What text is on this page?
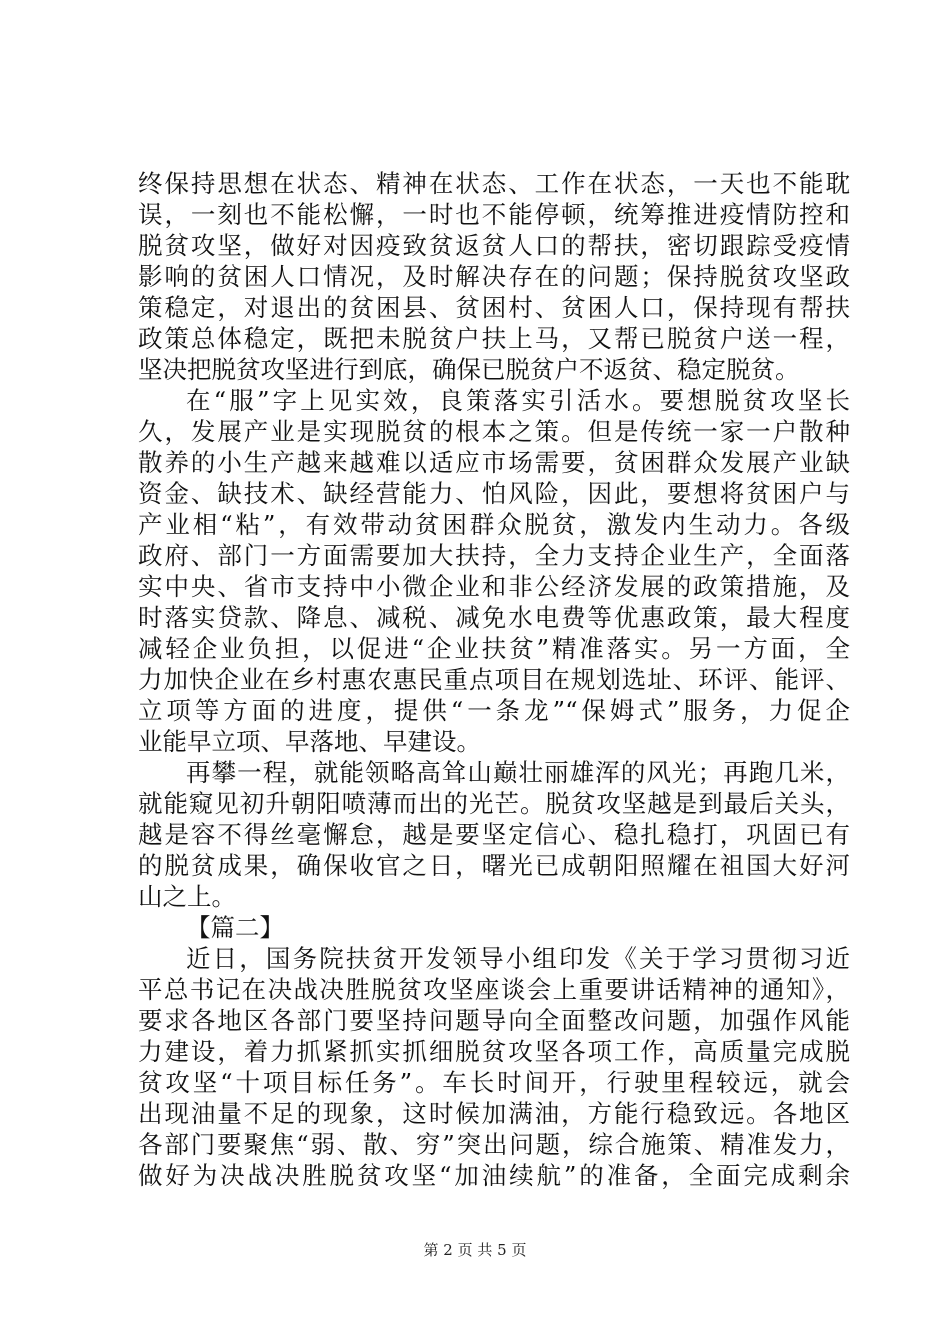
终保持思想在状态、精神在状态、工作在状态，一天也不能耽
误，一刻也不能松懈，一时也不能停顿，统筹推进疫情防控和
脱贫攻坚，做好对因疫致贫返贫人口的帮扶，密切跟踪受疫情
影响的贫困人口情况，及时解决存在的问题；保持脱贫攻坚政
策稳定，对退出的贫困县、贫困村、贫困人口，保持现有帮扶
政策总体稳定，既把未脱贫户扶上马，又帮已脱贫户送一程，
坚决把脱贫攻坚进行到底，确保已脱贫户不返贫、稳定脱贫。
在“服”字上见实效，良策落实引活水。要想脱贫攻坚长
久，发展产业是实现脱贫的根本之策。但是传统一家一户散种
散养的小生产越来越难以适应市场需要，贫困群众发展产业缺
资金、缺技术、缺经营能力、怕风险，因此，要想将贫困户与
产业相“粘”，有效带动贫困群众脱贫，激发内生动力。各级
政府、部门一方面需要加大扶持，全力支持企业生产，全面落
实中央、省市支持中小微企业和非公经济发展的政策措施，及
时落实贷款、降息、减税、减免水电费等优惠政策，最大程度
减轻企业负担，以促进“企业扶贫”精准落实。另一方面，全
力加快企业在乡村惠农惠民重点项目在规划选址、环评、能评、
立项等方面的进度，提供“一条龙”“保姆式”服务，力促企
业能早立项、早落地、早建设。
再攀一程，就能领略高耸山巅壮丽雄浑的风光；再跑几米，
就能窥见初升朝阳喷薄而出的光芒。脱贫攻坚越是到最后关头，
越是容不得丝毫懈怠，越是要坚定信心、稳扎稳打，巩固已有
的脱贫成果，确保收官之日，曙光已成朝阳照耀在祖国大好河
山之上。
【篇二】
近日，国务院扶贫开发领导小组印发《关于学习贯彻习近
平总书记在决战决胜脱贫攻坚座谈会上重要讲话精神的通知》，
要求各地区各部门要坚持问题导向全面整改问题，加强作风能
力建设，着力抓紧抓实抓细脱贫攻坚各项工作，高质量完成脱
贫攻坚“十项目标任务”。车长时间开，行驶里程较远，就会
出现油量不足的现象，这时候加满油，方能行稳致远。各地区
各部门要聚焦“弱、散、穷”突出问题，综合施策、精准发力，
做好为决战决胜脱贫攻坚“加油续航”的准备，全面完成剩余
第 2 页 共 5 页
